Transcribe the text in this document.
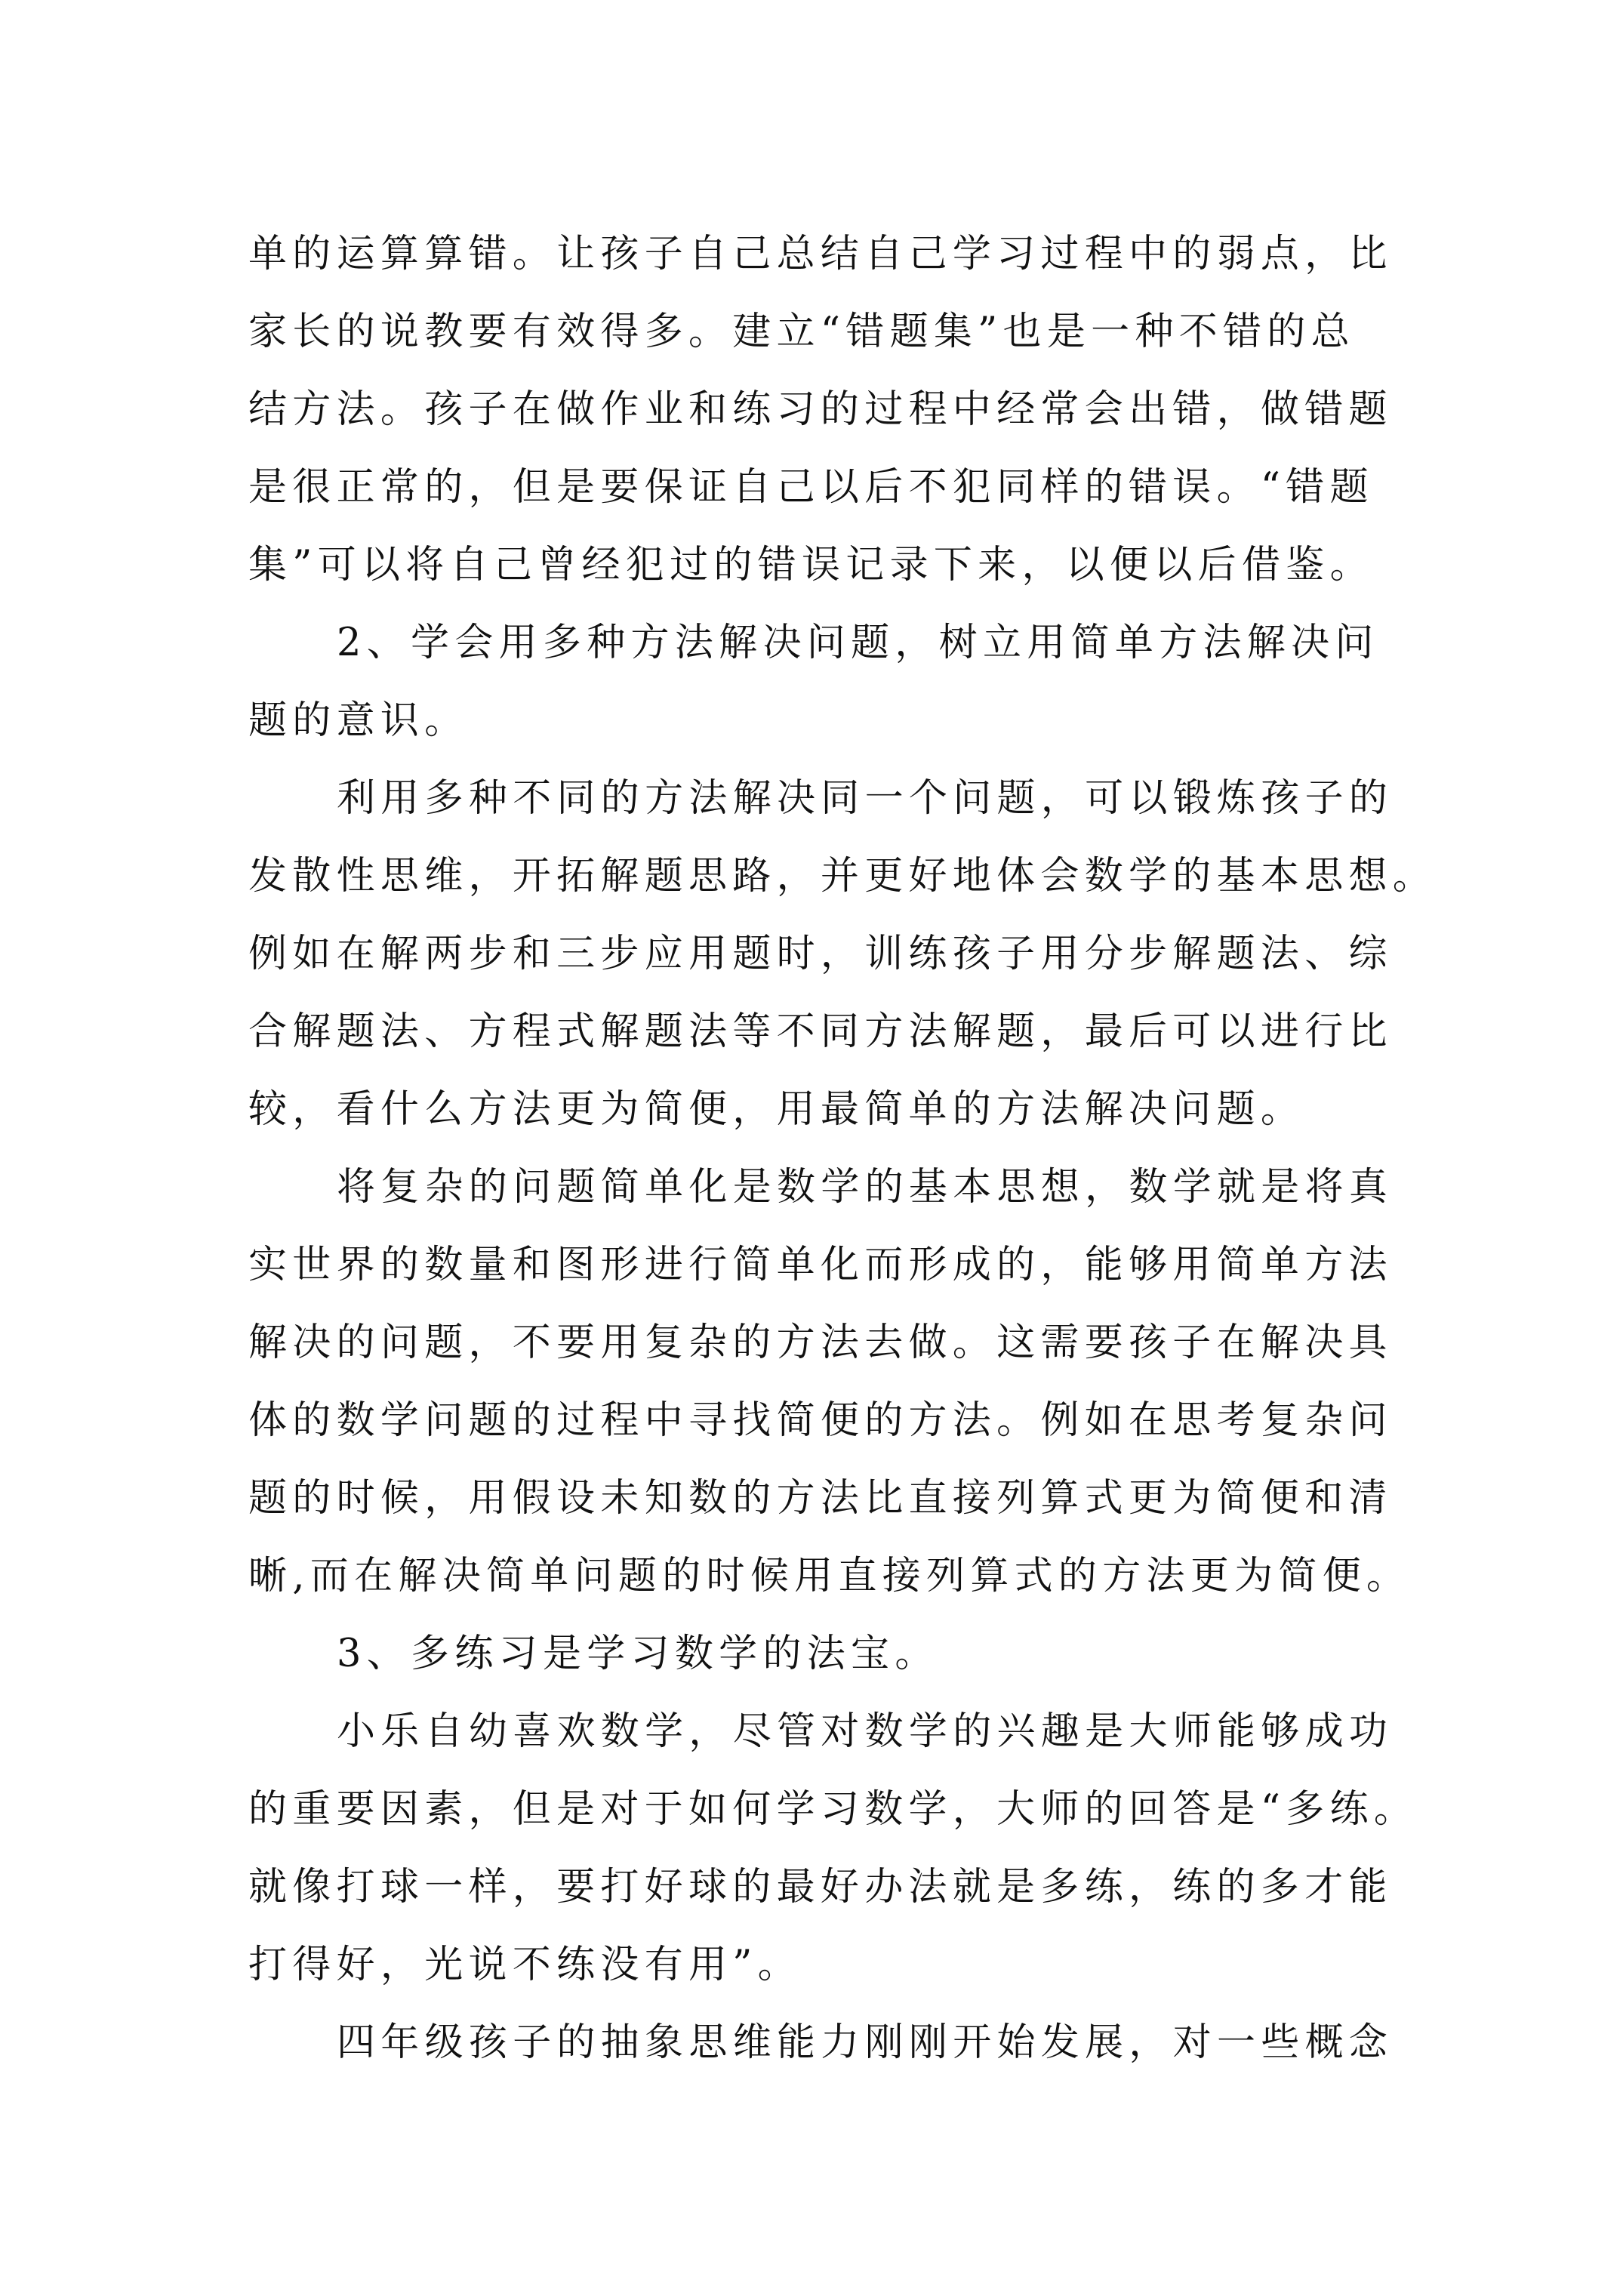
单的运算算错。让孩子自己总结自己学习过程中的弱点，比
家长的说教要有效得多。建立“错题集”也是一种不错的总
结方法。孩子在做作业和练习的过程中经常会出错，做错题
是很正常的，但是要保证自己以后不犯同样的错误。“错题
集”可以将自己曾经犯过的错误记录下来，以便以后借鉴。
2、学会用多种方法解决问题，树立用简单方法解决问
题的意识。
利用多种不同的方法解决同一个问题，可以锻炼孩子的
发散性思维，开拓解题思路，并更好地体会数学的基本思想。
例如在解两步和三步应用题时，训练孩子用分步解题法、综
合解题法、方程式解题法等不同方法解题，最后可以进行比
较，看什么方法更为简便，用最简单的方法解决问题。
将复杂的问题简单化是数学的基本思想，数学就是将真
实世界的数量和图形进行简单化而形成的，能够用简单方法
解决的问题，不要用复杂的方法去做。这需要孩子在解决具
体的数学问题的过程中寻找简便的方法。例如在思考复杂问
题的时候，用假设未知数的方法比直接列算式更为简便和清
晰,而在解决简单问题的时候用直接列算式的方法更为简便。
3、多练习是学习数学的法宝。
小乐自幼喜欢数学，尽管对数学的兴趣是大师能够成功
的重要因素，但是对于如何学习数学，大师的回答是“多练。
就像打球一样，要打好球的最好办法就是多练，练的多才能
打得好，光说不练没有用”。
四年级孩子的抽象思维能力刚刚开始发展，对一些概念
